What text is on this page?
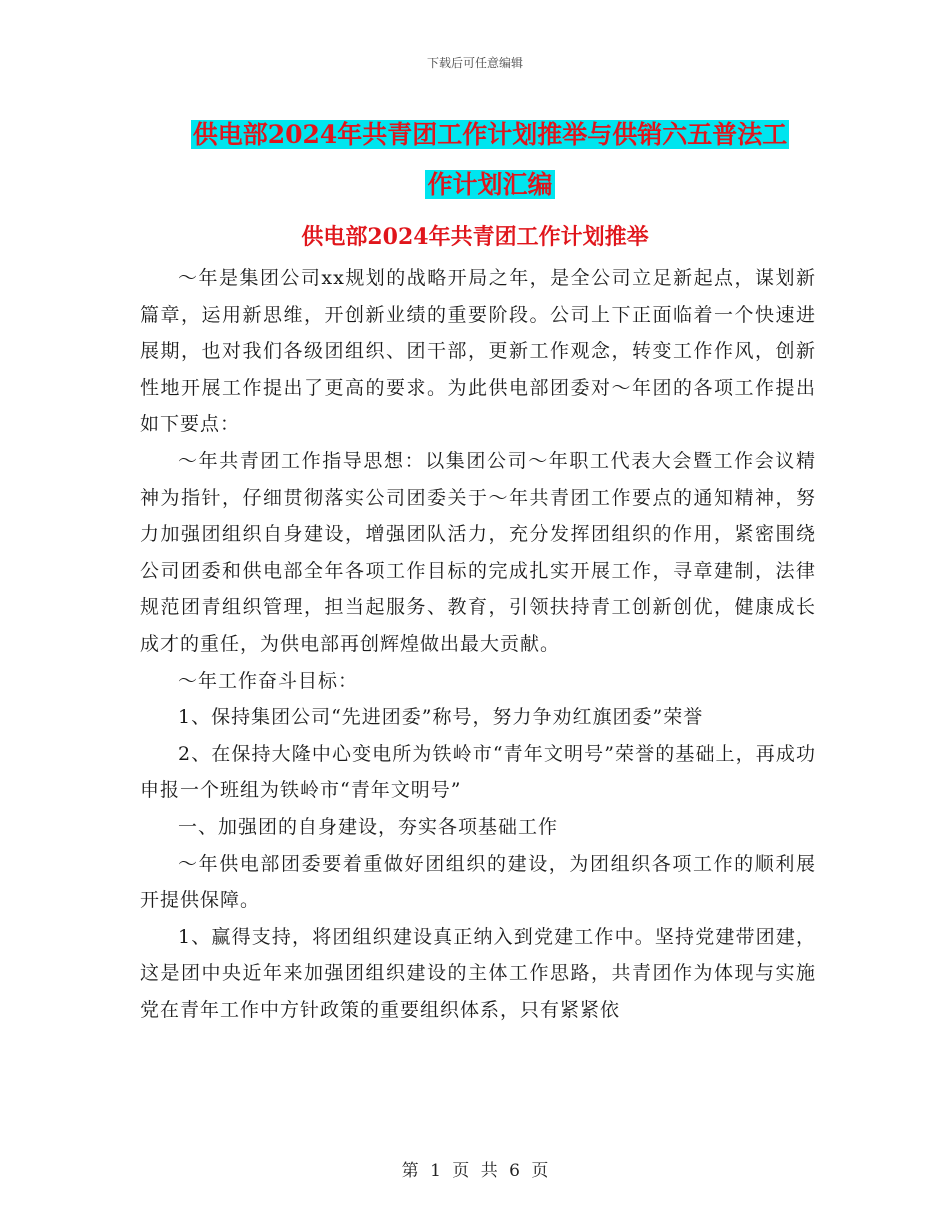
下载后可任意编辑
供电部2024年共青团工作计划推举与供销六五普法工
作计划汇编
供电部2024年共青团工作计划推举

～年是集团公司xx规划的战略开局之年，是全公司立足新起点，谋划新篇章，运用新思维，开创新业绩的重要阶段。公司上下正面临着一个快速进展期，也对我们各级团组织、团干部，更新工作观念，转变工作作风，创新性地开展工作提出了更高的要求。为此供电部团委对～年团的各项工作提出如下要点：

～年共青团工作指导思想：以集团公司～年职工代表大会暨工作会议精神为指针，仔细贯彻落实公司团委关于～年共青团工作要点的通知精神，努力加强团组织自身建设，增强团队活力，充分发挥团组织的作用，紧密围绕公司团委和供电部全年各项工作目标的完成扎实开展工作，寻章建制，法律规范团青组织管理，担当起服务、教育，引领扶持青工创新创优，健康成长成才的重任，为供电部再创辉煌做出最大贡献。

～年工作奋斗目标：

1、保持集团公司“先进团委”称号，努力争劝红旗团委”荣誉

2、在保持大隆中心变电所为铁岭市“青年文明号”荣誉的基础上，再成功申报一个班组为铁岭市“青年文明号”

一、加强团的自身建设，夯实各项基础工作

～年供电部团委要着重做好团组织的建设，为团组织各项工作的顺利展开提供保障。

1、赢得支持，将团组织建设真正纳入到党建工作中。坚持党建带团建，这是团中央近年来加强团组织建设的主体工作思路，共青团作为体现与实施党在青年工作中方针政策的重要组织体系，只有紧紧依

第 1 页 共 6 页
